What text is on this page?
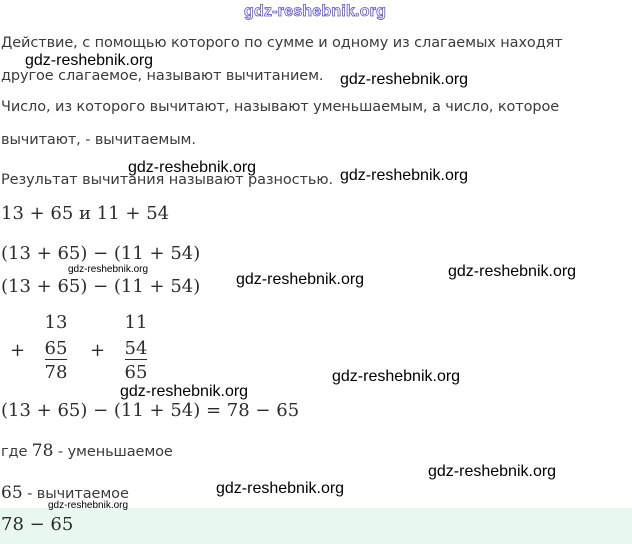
gdz-reshebnik.org
Действие, с помощью которого по сумме и одному из слагаемых находят
другое слагаемое, называют вычитанием.
Число, из которого вычитают, называют уменьшаемым, а число, которое
вычитают, - вычитаемым.
Результат вычитания называют разностью.
13 + 65 и 11 + 54
(13 + 65) − (11 + 54)
(13 + 65) − (11 + 54)
+
13
65
78
+
11
54
65
(13 + 65) − (11 + 54) = 78 − 65
где 78 - уменьшаемое
65 - вычитаемое
78 − 65
gdz-reshebnik.org
gdz-reshebnik.org
gdz-reshebnik.org	gdz-reshebnik.org
gdz-reshebnik.org
gdz-reshebnik.org	gdz-reshebnik.org
gdz-reshebnik.org
gdz-reshebnik.org
gdz-reshebnik.org
gdz-reshebnik.org
gdz-reshebnik.org
